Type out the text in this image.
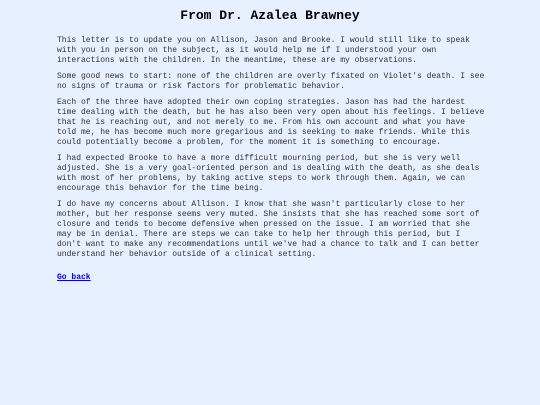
From Dr. Azalea Brawney

This letter is to update you on Allison, Jason and Brooke. I would still like to speak with you in person on the subject, as it would help me if I understood your own interactions with the children. In the meantime, these are my observations.

Some good news to start: none of the children are overly fixated on Violet's death. I see no signs of trauma or risk factors for problematic behavior.

Each of the three have adopted their own coping strategies. Jason has had the hardest time dealing with the death, but he has also been very open about his feelings. I believe that he is reaching out, and not merely to me. From his own account and what you have told me, he has become much more gregarious and is seeking to make friends. While this could potentially become a problem, for the moment it is something to encourage.

I had expected Brooke to have a more difficult mourning period, but she is very well adjusted. She is a very goal-oriented person and is dealing with the death, as she deals with most of her problems, by taking active steps to work through them. Again, we can encourage this behavior for the time being.

I do have my concerns about Allison. I know that she wasn't particularly close to her mother, but her response seems very muted. She insists that she has reached some sort of closure and tends to become defensive when pressed on the issue. I am worried that she may be in denial. There are steps we can take to help her through this period, but I don't want to make any recommendations until we've had a chance to talk and I can better understand her behavior outside of a clinical setting.

Go back
